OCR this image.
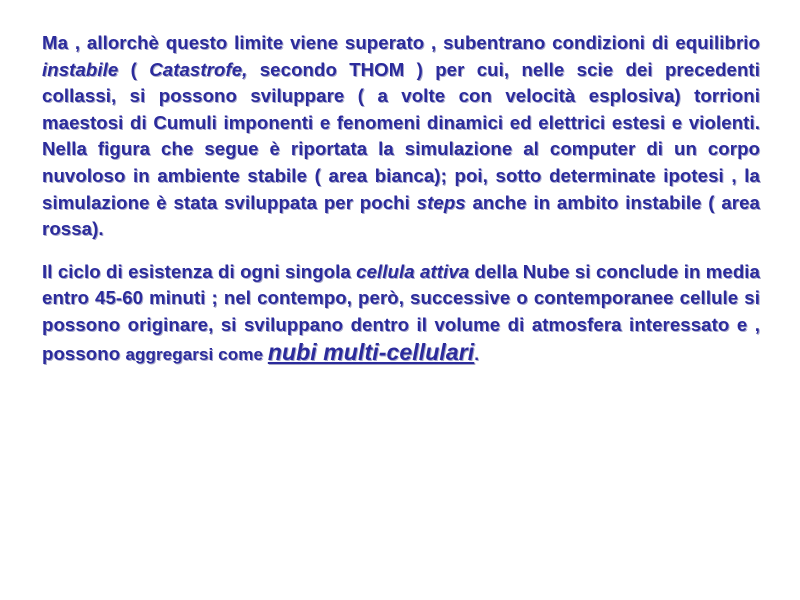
Ma , allorchè questo limite viene superato , subentrano condizioni di equilibrio instabile ( Catastrofe, secondo THOM ) per cui, nelle scie dei precedenti collassi, si possono sviluppare ( a volte con velocità esplosiva) torrioni maestosi di Cumuli imponenti e fenomeni dinamici ed elettrici estesi e violenti. Nella figura che segue è riportata la simulazione al computer di un corpo nuvoloso in ambiente stabile ( area bianca); poi, sotto determinate ipotesi , la simulazione è stata sviluppata per pochi steps anche in ambito instabile ( area rossa).

Il ciclo di esistenza di ogni singola cellula attiva della Nube si conclude in media entro 45-60 minuti ; nel contempo, però, successive o contemporanee cellule si possono originare, si sviluppano dentro il volume di atmosfera interessato e , possono aggregarsi come nubi multi-cellulari.
